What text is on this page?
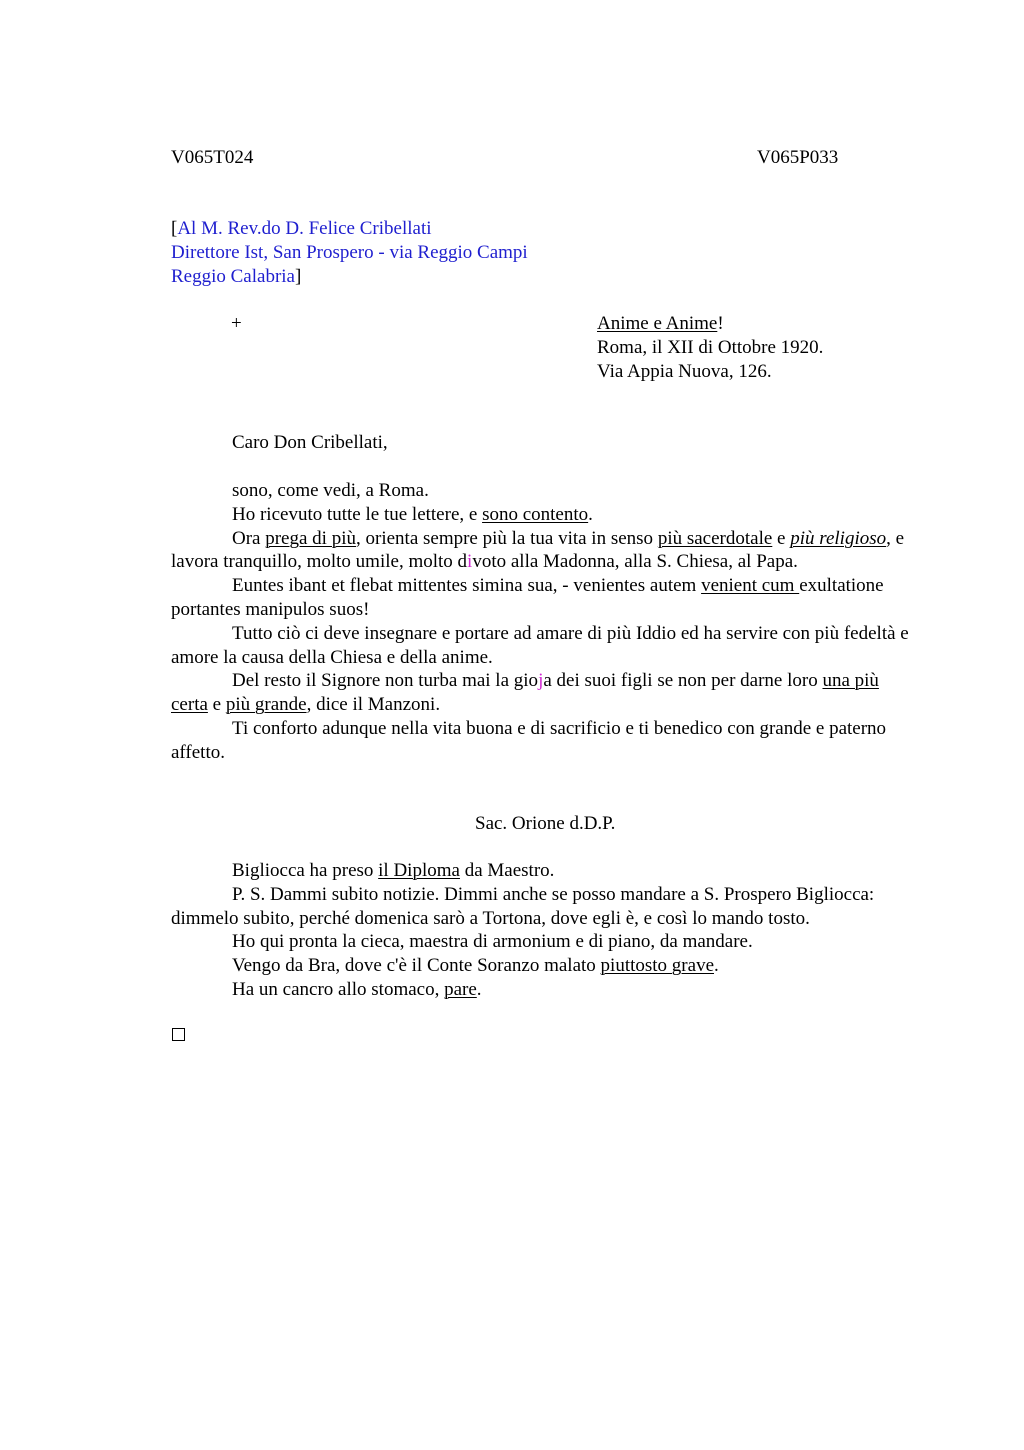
V065T024	V065P033
[Al M. Rev.do D. Felice Cribellati
Direttore Ist, San Prospero - via Reggio Campi
Reggio Calabria]
+	Anime e Anime!
Roma, il XII di Ottobre 1920.
Via Appia Nuova, 126.
Caro Don Cribellati,

sono, come vedi, a Roma.

Ho ricevuto tutte le tue lettere, e sono contento.

Ora prega di più, orienta sempre più la tua vita in senso più sacerdotale e più religioso, e lavora tranquillo, molto umile, molto divoto alla Madonna, alla S. Chiesa, al Papa.

Euntes ibant et flebat mittentes simina sua, - venientes autem venient cum exultatione portantes manipulos suos!

Tutto ciò ci deve insegnare e portare ad amare di più Iddio ed ha servire con più fedeltà e amore la causa della Chiesa e della anime.

Del resto il Signore non turba mai la gioja dei suoi figli se non per darne loro una più certa e più grande, dice il Manzoni.

Ti conforto adunque nella vita buona e di sacrificio e ti benedico con grande e paterno affetto.

Sac. Orione d.D.P.

Bigliocca ha preso il Diploma da Maestro.

P. S. Dammi subito notizie. Dimmi anche se posso mandare a S. Prospero Bigliocca: dimmelo subito, perché domenica sarò a Tortona, dove egli è, e così lo mando tosto.

Ho qui pronta la cieca, maestra di armonium e di piano, da mandare.

Vengo da Bra, dove c'è il Conte Soranzo malato piuttosto grave.

Ha un cancro allo stomaco, pare.
